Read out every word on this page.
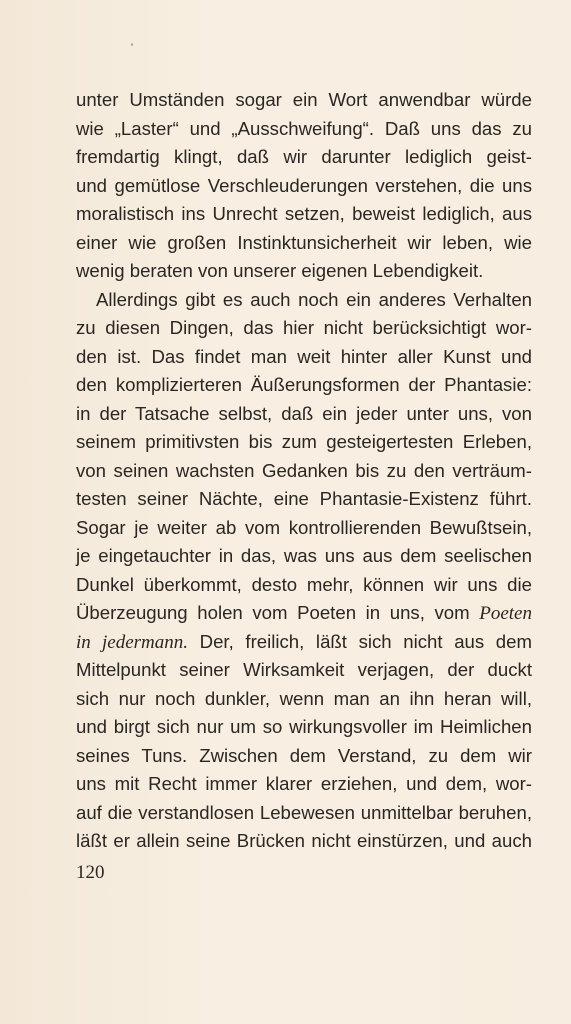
unter Umständen sogar ein Wort anwendbar würde
wie „Laster“ und „Ausschweifung“. Daß uns das zu
fremdartig klingt, daß wir darunter lediglich geist-
und gemütlose Verschleuderungen verstehen, die uns
moralistisch ins Unrecht setzen, beweist lediglich, aus
einer wie großen Instinktunsicherheit wir leben, wie
wenig beraten von unserer eigenen Lebendigkeit.
Allerdings gibt es auch noch ein anderes Verhalten
zu diesen Dingen, das hier nicht berücksichtigt wor-
den ist. Das findet man weit hinter aller Kunst und
den komplizierteren Äußerungsformen der Phantasie:
in der Tatsache selbst, daß ein jeder unter uns, von
seinem primitivsten bis zum gesteigertesten Erleben,
von seinen wachsten Gedanken bis zu den verträum-
testen seiner Nächte, eine Phantasie-Existenz führt.
Sogar je weiter ab vom kontrollierenden Bewußtsein,
je eingetauchter in das, was uns aus dem seelischen
Dunkel überkommt, desto mehr, können wir uns die
Überzeugung holen vom Poeten in uns, vom Poeten
in jedermann. Der, freilich, läßt sich nicht aus dem
Mittelpunkt seiner Wirksamkeit verjagen, der duckt
sich nur noch dunkler, wenn man an ihn heran will,
und birgt sich nur um so wirkungsvoller im Heimlichen
seines Tuns. Zwischen dem Verstand, zu dem wir
uns mit Recht immer klarer erziehen, und dem, wor-
auf die verstandlosen Lebewesen unmittelbar beruhen,
läßt er allein seine Brücken nicht einstürzen, und auch
120
